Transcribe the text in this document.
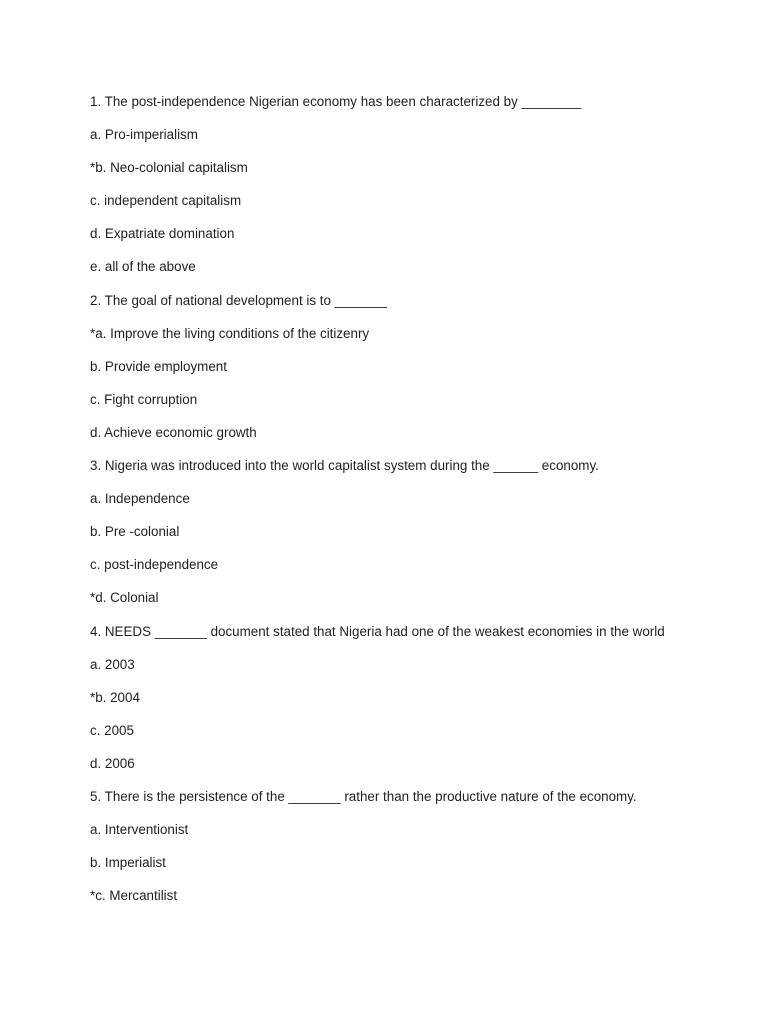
1. The post-independence Nigerian economy has been characterized by ________
a. Pro-imperialism
*b. Neo-colonial capitalism
c. independent capitalism
d. Expatriate domination
e. all of the above
2. The goal of national development is to _______
*a. Improve the living conditions of the citizenry
b. Provide employment
c. Fight corruption
d. Achieve economic growth
3. Nigeria was introduced into the world capitalist system during the ______ economy.
a. Independence
b. Pre -colonial
c. post-independence
*d. Colonial
4. NEEDS _______ document stated that Nigeria had one of the weakest economies in the world
a. 2003
*b. 2004
c. 2005
d. 2006
5. There is the persistence of the _______ rather than the productive nature of the economy.
a. Interventionist
b. Imperialist
*c. Mercantilist
